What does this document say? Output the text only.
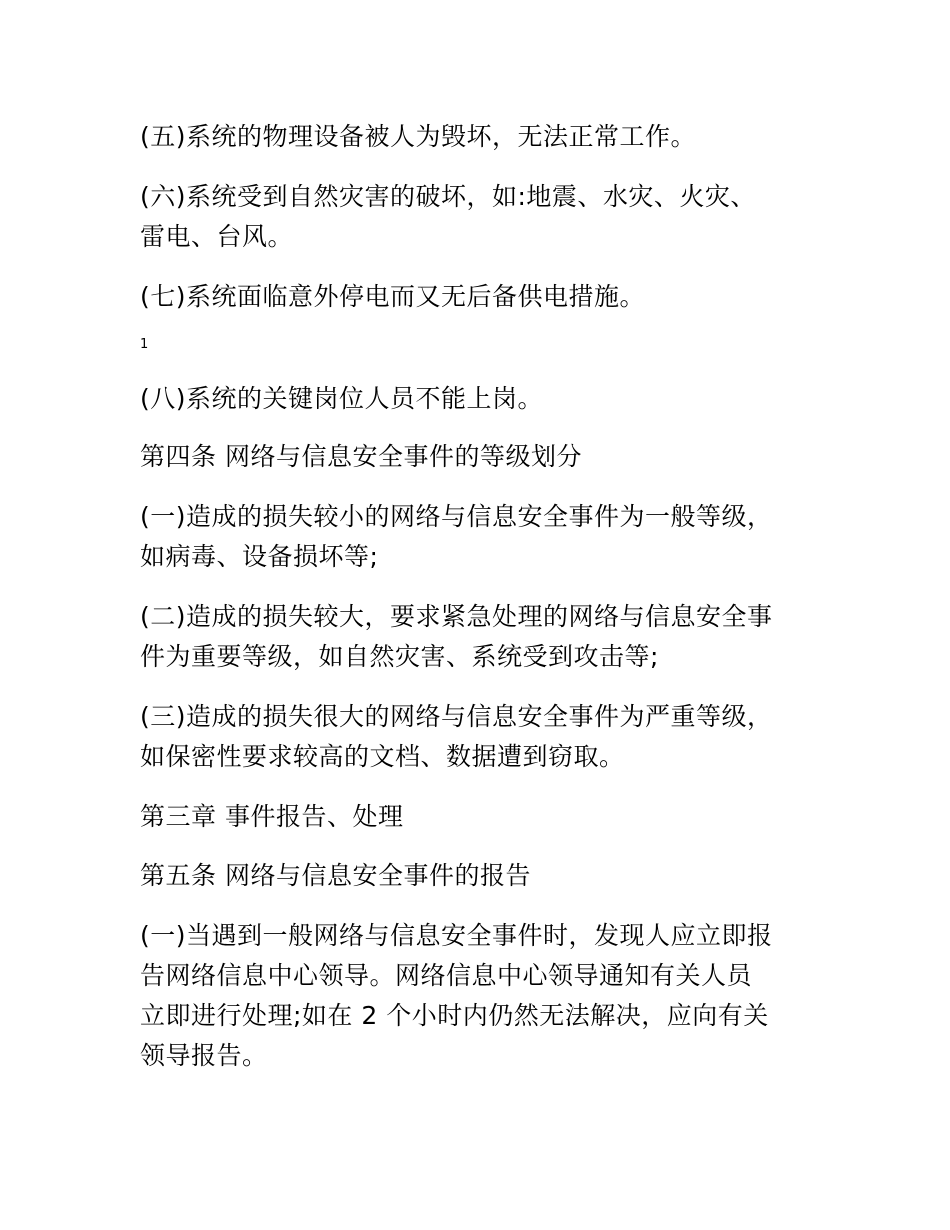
(五)系统的物理设备被人为毁坏，无法正常工作。

(六)系统受到自然灾害的破坏，如:地震、水灾、火灾、
雷电、台风。

(七)系统面临意外停电而又无后备供电措施。

1

(八)系统的关键岗位人员不能上岗。

第四条 网络与信息安全事件的等级划分

(一)造成的损失较小的网络与信息安全事件为一般等级，
如病毒、设备损坏等;

(二)造成的损失较大，要求紧急处理的网络与信息安全事
件为重要等级，如自然灾害、系统受到攻击等;

(三)造成的损失很大的网络与信息安全事件为严重等级，
如保密性要求较高的文档、数据遭到窃取。

第三章 事件报告、处理

第五条 网络与信息安全事件的报告

(一)当遇到一般网络与信息安全事件时，发现人应立即报
告网络信息中心领导。网络信息中心领导通知有关人员
立即进行处理;如在 2 个小时内仍然无法解决，应向有关
领导报告。
